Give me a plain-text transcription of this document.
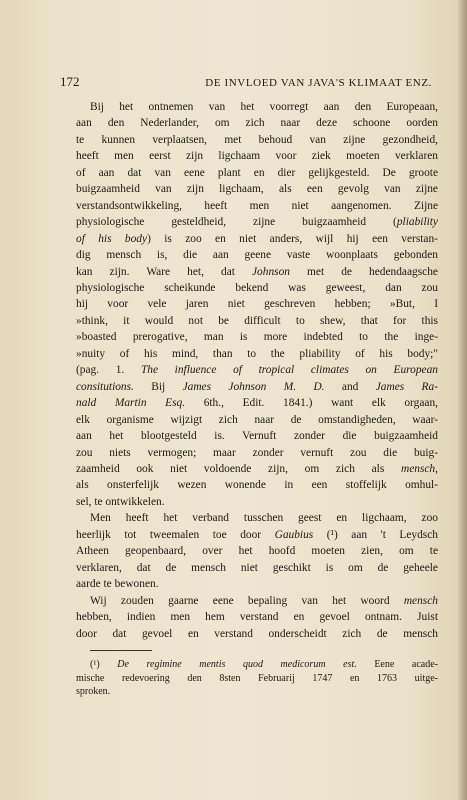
172	DE INVLOED VAN JAVA'S KLIMAAT ENZ.
Bij het ontnemen van het voorregt aan den Europeaan,
aan den Nederlander, om zich naar deze schoone oorden
te kunnen verplaatsen, met behoud van zijne gezondheid,
heeft men eerst zijn ligchaam voor ziek moeten verklaren
of aan dat van eene plant en dier gelijkgesteld. De groote
buigzaamheid van zijn ligchaam, als een gevolg van zijne
verstandsontwikkeling, heeft men niet aangenomen. Zijne
physiologische gesteldheid, zijne buigzaamheid (pliability
of his body) is zoo en niet anders, wijl hij een verstan-
dig mensch is, die aan geene vaste woonplaats gebonden
kan zijn. Ware het, dat Johnson met de hedendaagsche
physiologische scheikunde bekend was geweest, dan zou
hij voor vele jaren niet geschreven hebben; »But, I
»think, it would not be difficult to shew, that for this
»boasted prerogative, man is more indebted to the inge-
»nuity of his mind, than to the pliability of his body;"
(pag. 1. The influence of tropical climates on European
consitutions. Bij James Johnson M. D. and James Ra-
nald Martin Esq. 6th., Edit. 1841.) want elk orgaan,
elk organisme wijzigt zich naar de omstandigheden, waar-
aan het blootgesteld is. Vernuft zonder die buigzaamheid
zou niets vermogen; maar zonder vernuft zou die buig-
zaamheid ook niet voldoende zijn, om zich als mensch,
als onsterfelijk wezen wonende in een stoffelijk omhul-
sel, te ontwikkelen.
Men heeft het verband tusschen geest en ligchaam, zoo
heerlijk tot tweemalen toe door Gaubius (¹) aan 't Leydsch
Atheen geopenbaard, over het hoofd moeten zien, om te
verklaren, dat de mensch niet geschikt is om de geheele
aarde te bewonen.
Wij zouden gaarne eene bepaling van het woord mensch
hebben, indien men hem verstand en gevoel ontnam. Juist
door dat gevoel en verstand onderscheidt zich de mensch
(¹) De regimine mentis quod medicorum est. Eene acade-
mische redevoering den 8sten Februarij 1747 en 1763 uitge-
sproken.
